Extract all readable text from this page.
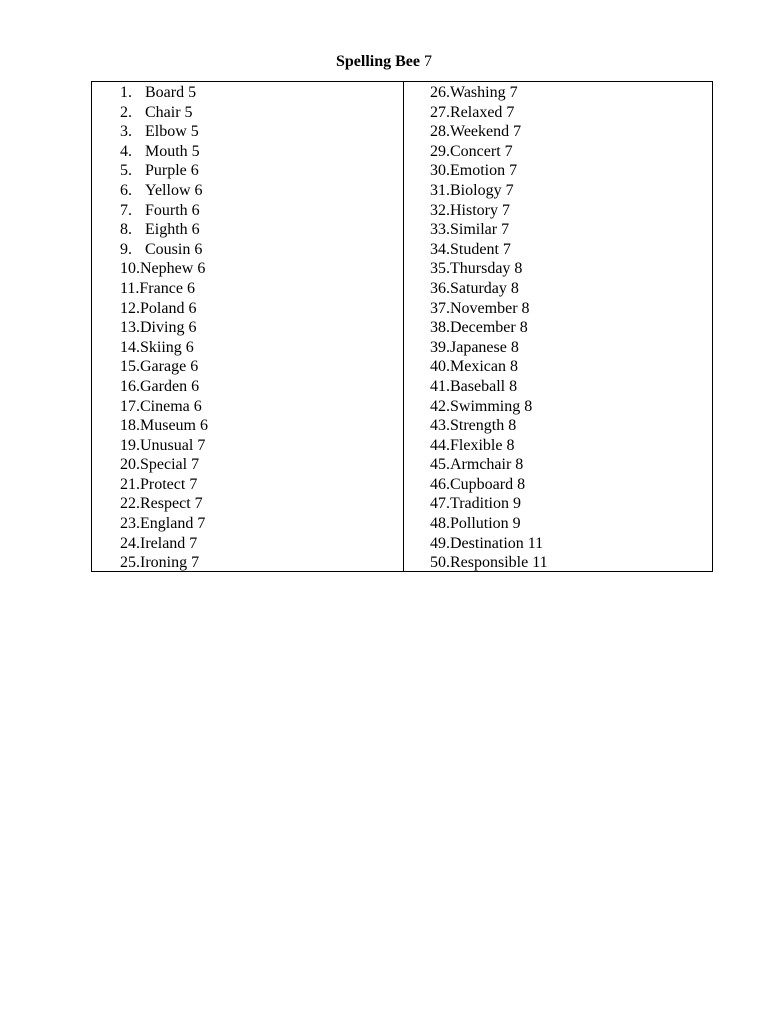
Spelling Bee 7
1. Board 5
2. Chair 5
3. Elbow 5
4. Mouth 5
5. Purple 6
6. Yellow 6
7. Fourth 6
8. Eighth 6
9. Cousin 6
10.Nephew 6
11.France 6
12.Poland 6
13.Diving 6
14.Skiing 6
15.Garage 6
16.Garden 6
17.Cinema 6
18.Museum 6
19.Unusual 7
20.Special 7
21.Protect 7
22.Respect 7
23.England 7
24.Ireland 7
25.Ironing 7
26.Washing 7
27.Relaxed 7
28.Weekend 7
29.Concert 7
30.Emotion 7
31.Biology 7
32.History 7
33.Similar 7
34.Student 7
35.Thursday 8
36.Saturday 8
37.November 8
38.December 8
39.Japanese 8
40.Mexican 8
41.Baseball 8
42.Swimming 8
43.Strength 8
44.Flexible 8
45.Armchair 8
46.Cupboard 8
47.Tradition 9
48.Pollution 9
49.Destination 11
50.Responsible 11
